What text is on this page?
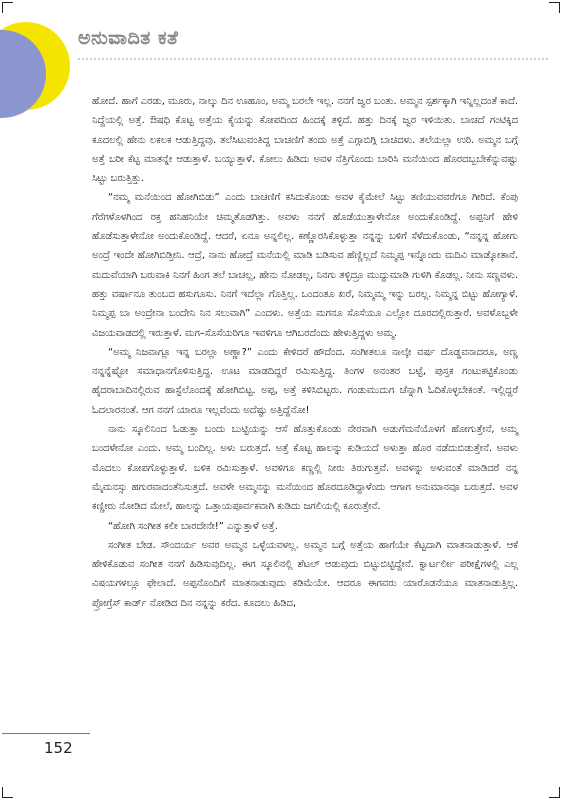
ಅನುವಾದಿತ ಕತೆ

ಹೋದೆ. ಹಾಗೆ ಎರಡು, ಮೂರು, ನಾಲ್ಕು ದಿನ ಊಹೂಂ, ಅಮ್ಮ ಬರಲೇ ಇಲ್ಲ. ನನಗೆ ಜ್ವರ ಬಂತು. ಅಮ್ಮನ ಸ್ಪರ್ಶಕ್ಕಾಗಿ ಇನ್ನಿಲ್ಲದಂತೆ ಕಾದೆ. ನಿದ್ದೆಯಲ್ಲಿ ಅತ್ತೆ. ಔಷಧಿ ಕೊಟ್ಟ ಅತ್ತೆಯ ಕೈಯನ್ನು ಕೋಪದಿಂದ ಹಿಂದಕ್ಕೆ ತಳ್ಳಿದೆ. ಹತ್ತು ದಿನಕ್ಕೆ ಜ್ವರ ಇಳಿಯಿತು. ಬಾಚದೆ ಗಂಟಿಕ್ಕಿದ ಕೂದಲಲ್ಲಿ ಹೇನು ಲಕಲಕ ಆಡುತ್ತಿದ್ದವು. ತಲೆಸಿಟುವಂತಿದ್ದ ಬಾಚಣಿಗೆ ತಂದು ಅತ್ತೆ ಎಗ್ಗಾಬಿಗ್ಗಿ ಬಾಚಿದಳು. ತಲೆಯಲ್ಲಾ ಉರಿ. ಅಮ್ಮನ ಬಗ್ಗೆ ಅತ್ತೆ ಬರೀ ಕೆಟ್ಟ ಮಾತನ್ನೇ ಆಡುತ್ತಾಳೆ. ಬಯ್ಯುತ್ತಾಳೆ. ಕೋಲು ಹಿಡಿದು ಅವಳ ನೆತ್ತಿಗೊಂದು ಬಾರಿಸಿ ಮನೆಯಿಂದ ಹೊರದಬ್ಬಬೇಕೆನ್ನುವಷ್ಟು ಸಿಟ್ಟು ಬರುತ್ತಿತ್ತು.

“ನಮ್ಮ ಮನೆಯಿಂದ ಹೋಗಿಬಿಡು” ಎಂದು ಬಾಚಣಿಗೆ ಕಸಿದುಕೊಂಡು ಅವಳ ಕೈಮೇಲೆ ಸಿಟ್ಟು ತಣಿಯುವವರೆಗೂ ಗೀರಿದೆ. ಕೆಂಪು ಗೆರೆಗಳೊಳಗಿಂದ ರಕ್ತ ಹನಿಹನಿಯೇ ಚಿಮ್ಮತೊಡಗಿತ್ತು. ಅವಳು ನನಗೆ ಹೊಡೆಯುತ್ತಾಳೇನೋ ಅಂದುಕೊಂಡಿದ್ದೆ. ಅಪ್ಪನಿಗೆ ಹೇಳಿ ಹೊಡೆಸುತ್ತಾಳೇನೋ ಅಂದುಕೊಂಡಿದ್ದೆ. ಆದರೆ, ಏನೂ ಅನ್ನಲಿಲ್ಲ. ಕಣ್ಣೊರಸಿಕೊಳ್ಳುತ್ತಾ ನನ್ನನ್ನು ಬಳಿಗೆ ಸೆಳೆದುಕೊಂಡು, “ನನ್ನನ್ನ ಹೋಗು ಅಂದ್ರೆ ಇಂದೇ ಹೋಗಿಬಿಡ್ತೀನಿ. ಆದ್ರೆ, ನಾನು ಹೋದ್ರೆ ಮನೆಯಲ್ಲಿ ಮಾಡಿ ಬಡಿಸುವ ಹೆಣ್ಣಿಲ್ಲದೆ ನಿಮ್ಮಪ್ಪ ಇನ್ನೊಂದು ಮದಿವಿ ಮಾಡ್ಕೋತಾನೆ. ಮದುವೆಯಾಗಿ ಬರುವಾಕಿ ನಿನಗೆ ಹಿಂಗ ತಲೆ ಬಾಚಲ್ಲ, ಹೇನು ನೋಡಲ್ಲ, ನಿನಗು ತಳ್ಳಿದ್ರೂ ಮುದ್ದುಮಾಡಿ ಗುಳಿಗಿ ಕೊಡಲ್ಲ. ನೀನು ಸಣ್ಣವಳು. ಹತ್ತು ವರ್ಷಾನೂ ತುಂಬದ ಹಸುಗೂಸು. ನಿನಗೆ ಇದೆಲ್ಲಾ ಗೊತ್ತಿಲ್ಲ. ಒಂದಂತೂ ಖರೆ, ನಿಮ್ಮಮ್ಮ ಇನ್ನು ಬರಲ್ಲ. ನಿಮ್ಮನ್ನ ಬಿಟ್ಟು ಹೋಗ್ಯಾಳೆ. ನಿಮ್ಮಪ್ಪ ಬಾ ಅಂದ್ರೇನಾ ಬಂದೇನಿ ನಿನ ಸಲುವಾಗಿ” ಎಂದಳು. ಅತ್ತೆಯ ಮಗನೂ ಸೊಸೆಯೂ ಎಲ್ಲೋ ದೂರದಲ್ಲಿರುತ್ತಾರೆ. ಅವಳೊಬ್ಬಳೇ ವಿಜಯವಾಡದಲ್ಲಿ ಇರುತ್ತಾಳೆ. ಮಗ–ಸೊಸೆಯರಿಗೂ ಇವಳಿಗೂ ಆಗಿಬರದೆಂದು ಹೇಳುತ್ತಿದ್ದಳು ಅಮ್ಮ.

“ಅಮ್ಮ ನಿಜವಾಗ್ಲೂ ಇನ್ನ ಬರಲ್ಲಾ ಅಣ್ಣಾ?” ಎಂದು ಕೇಳಿದರೆ ಹೌದೆಂದ. ಸಂಗೀತಲೂ ನಾಲ್ಕೇ ವರ್ಷ ದೊಡ್ಡವನಾದರೂ, ಅಣ್ಣ ನನ್ನನ್ನೆಷ್ಟೋ ಸಮಾಧಾನಗೊಳಿಸುತ್ತಿದ್ದ. ಊಟ ಮಾಡದಿದ್ದರೆ ರಮಿಸುತ್ತಿದ್ದ. ತಿಂಗಳ ಅನಂತರ ಬಟ್ಟೆ, ಪುಸ್ತಕ ಗಂಟುಕಟ್ಟಿಕೊಂಡು ಹೈದರಾಬಾದಿನಲ್ಲಿರುವ ಹಾಸ್ಟೆಲೊಂದಕ್ಕೆ ಹೋಗಿಬಿಟ್ಟ. ಅಪ್ಪ, ಅತ್ತೆ ಕಳಿಸಿಬಿಟ್ಟರು. ಗಂಡುಮುದುಗ ಚೆನ್ನಾಗಿ ಓದಿಕೊಳ್ಳಬೇಕಂತೆ. ಇಲ್ಲಿದ್ದರೆ ಓದಲಾರನಂತೆ. ಆಗ ನನಗೆ ಯಾರೂ ಇಲ್ಲವೆಂದು ಅದೆಷ್ಟು ಅತ್ತಿದ್ದೆನೋ!

ನಾನು ಸ್ಕೂಲಿನಿಂದ ಓಡುತ್ತಾ ಬಂದು ಬುಟ್ಟಿಯನ್ನು ಆಸೆ ಹೊತ್ತುಕೊಂಡು ನೇರವಾಗಿ ಅಡುಗೆಮನೆಯೊಳಗೆ ಹೋಗುತ್ತೇನೆ, ಅಮ್ಮ ಬಂದಳೇನೋ ಎಂದು. ಅಮ್ಮ ಬಂದಿಲ್ಲ. ಅಳು ಬರುತ್ತದೆ. ಅತ್ತೆ ಕೊಟ್ಟ ಹಾಲನ್ನು ಕುಡಿಯದೆ ಅಳುತ್ತಾ ಹೊರ ನಡೆದುಬಿಡುತ್ತೇನೆ. ಅವಳು ಮೊದಲು ಕೋಪಗೊಳ್ಳುತ್ತಾಳೆ. ಬಳಿಕ ರಮಿಸುತ್ತಾಳೆ. ಅವಳಿಗೂ ಕಣ್ಣಲ್ಲಿ ನೀರು ತಿರುಗುತ್ತವೆ. ಅವಳನ್ನು ಅಳುವಂತೆ ಮಾಡಿದರೆ ನನ್ನ ಮೈಮನಸ್ಸು ಹಗುರವಾದಂತೆನಿಸುತ್ತದೆ. ಅವಳೇ ಅಮ್ಮನನ್ನು ಮನೆಯಿಂದ ಹೊರದೂಡಿದ್ದಾಳೆಂದು ಆಗಾಗ ಅನುಮಾನವೂ ಬರುತ್ತದೆ. ಅವಳ ಕಣ್ಣೀರು ನೋಡಿದ ಮೇಲೆ, ಹಾಲನ್ನು ಒತ್ತಾಯಪೂರ್ವಕವಾಗಿ ಕುಡಿದು ಜಗಲಿಯಲ್ಲಿ ಕೂರುತ್ತೇನೆ.

“ಹೋಗಿ ಸಂಗೀತ ಕಲೀ ಬಾರದೇನೇ!” ಎನ್ನುತ್ತಾಳೆ ಅತ್ತೆ.

ಸಂಗೀತ ಬೇಡ. ಸೌಂದರ್ಯ ಅವರ ಅಮ್ಮನ ಒಳ್ಳೆಯವಳಲ್ಲ. ಅಮ್ಮನ ಬಗ್ಗೆ ಅತ್ತೆಯ ಹಾಗೆಯೇ ಕೆಟ್ಟದಾಗಿ ಮಾತನಾಡುತ್ತಾಳೆ. ಆಕೆ ಹೇಳಿಕೊಡುವ ಸಂಗೀತ ನನಗೆ ಹಿಡಿಸುವುದಿಲ್ಲ. ಈಗ ಸ್ಕೂಲಿನಲ್ಲಿ ಶೆಟಲ್ ಆಡುವುದು ಬಿಟ್ಟುಬಿಟ್ಟಿದ್ದೇನೆ. ಕ್ವಾರ್ಟರ್ಲೀ ಪರೀಕ್ಷೆಗಳಲ್ಲಿ ಎಲ್ಲ ವಿಷಯಗಳಲ್ಲೂ ಫೇಲಾದೆ. ಅಪ್ಪನೊಂದಿಗೆ ಮಾತನಾಡುವುದು ಕಡಿಮೆಯೇ. ಆದರೂ ಈಗವರು ಯಾರೊಡನೆಯೂ ಮಾತನಾಡುತ್ತಿಲ್ಲ. ಪ್ರೋಗ್ರೆಸ್ ಕಾರ್ಡ್ ನೋಡಿದ ದಿನ ನನ್ನನ್ನು ಕರೆದ. ಕೂದಲು ಹಿಡಿದ,

152
